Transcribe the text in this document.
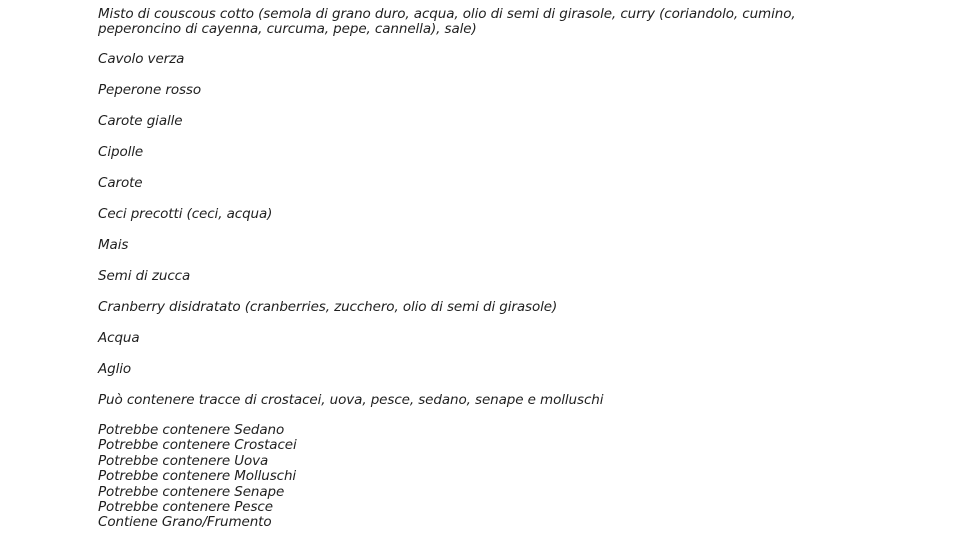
Misto di couscous cotto (semola di grano duro, acqua, olio di semi di girasole, curry (coriandolo, cumino, peperoncino di cayenna, curcuma, pepe, cannella), sale)
Cavolo verza
Peperone rosso
Carote gialle
Cipolle
Carote
Ceci precotti (ceci, acqua)
Mais
Semi di zucca
Cranberry disidratato (cranberries, zucchero, olio di semi di girasole)
Acqua
Aglio
Può contenere tracce di crostacei, uova, pesce, sedano, senape e molluschi
Potrebbe contenere Sedano
Potrebbe contenere Crostacei
Potrebbe contenere Uova
Potrebbe contenere Molluschi
Potrebbe contenere Senape
Potrebbe contenere Pesce
Contiene Grano/Frumento
